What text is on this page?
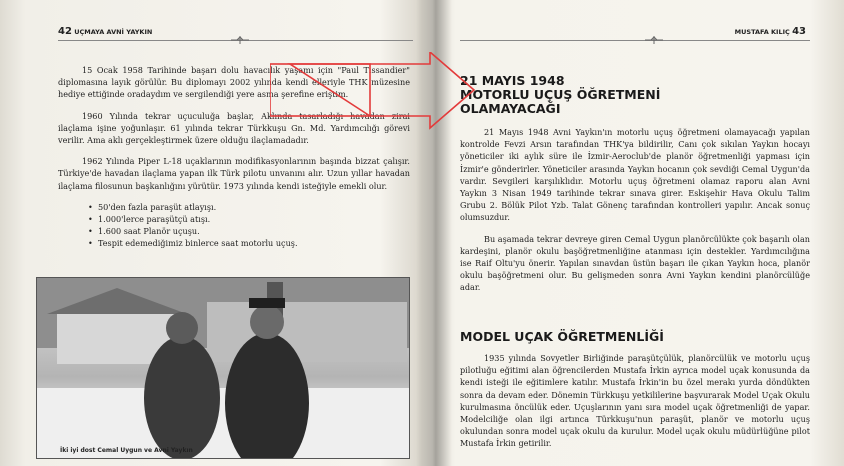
42 UÇMAYA AVNİ YAYKIN

15 Ocak 1958 Tarihinde başarı dolu havacılık yaşamı için "Paul Tissandier" diplomasına layık görülür. Bu diplomayı 2002 yılında kendi elleriyle THK müzesine hediye ettiğinde oradaydım ve sergilendiği yere asma şerefine eriştim.

1960 Yılında tekrar uçuculuğa başlar, Aklında tasarladığı havadan zirai ilaçlama işine yoğunlaşır. 61 yılında tekrar Türkkuşu Gn. Md. Yardımcılığı görevi verilir. Ama aklı gerçekleştirmek üzere olduğu ilaçlamadadır.

1962 Yılında Piper L-18 uçaklarının modifikasyonlarının başında bizzat çalışır. Türkiye'de havadan ilaçlama yapan ilk Türk pilotu unvanını alır. Uzun yıllar havadan ilaçlama filosunun başkanlığını yürütür. 1973 yılında kendi isteğiyle emekli olur.

• 50'den fazla paraşüt atlayışı.
• 1.000'lerce paraşütçü atışı.
• 1.600 saat Planör uçuşu.
• Tespit edemediğimiz binlerce saat motorlu uçuş.
İki iyi dost Cemal Uygun ve Avni Yaykın
MUSTAFA KILIÇ 43
21 MAYIS 1948
MOTORLU UÇUŞ ÖĞRETMENİ
OLAMAYACAĞI

21 Mayıs 1948 Avni Yaykın'ın motorlu uçuş öğretmeni olamayacağı yapılan kontrolde Fevzi Arsın tarafından THK'ya bildirilir, Canı çok sıkılan Yaykın hocayı yöneticiler iki aylık süre ile İzmir-Aeroclub'de planör öğretmenliği yapması için İzmir'e gönderirler. Yöneticiler arasında Yaykın hocanın çok sevdiği Cemal Uygun'da vardır. Sevgileri karşılıklıdır. Motorlu uçuş öğretmeni olamaz raporu alan Avni Yaykın 3 Nisan 1949 tarihinde tekrar sınava girer. Eskişehir Hava Okulu Talim Grubu 2. Bölük Pilot Yzb. Talat Gönenç tarafından kontrolleri yapılır. Ancak sonuç olumsuzdur.

Bu aşamada tekrar devreye giren Cemal Uygun planörcülükte çok başarılı olan kardeşini, planör okulu başöğretmenliğine atanması için destekler. Yardımcılığına ise Raif Oltu'yu önerir. Yapılan sınavdan üstün başarı ile çıkan Yaykın hoca, planör okulu başöğretmeni olur. Bu gelişmeden sonra Avni Yaykın kendini planörcülüğe adar.

MODEL UÇAK ÖĞRETMENLİĞİ

1935 yılında Sovyetler Birliğinde paraşütçülük, planörcülük ve motorlu uçuş pilotluğu eğitimi alan öğrencilerden Mustafa İrkin ayrıca model uçak konusunda da kendi isteği ile eğitimlere katılır. Mustafa İrkin'in bu özel merakı yurda döndükten sonra da devam eder. Dönemin Türkkuşu yetkililerine başvurarak Model Uçak Okulu kurulmasına öncülük eder. Uçuşlarının yanı sıra model uçak öğretmenliği de yapar. Modelciliğe olan ilgi artınca Türkkuşu'nun paraşüt, planör ve motorlu uçuş okulundan sonra model uçak okulu da kurulur. Model uçak okulu müdürlüğüne pilot Mustafa İrkin getirilir.
